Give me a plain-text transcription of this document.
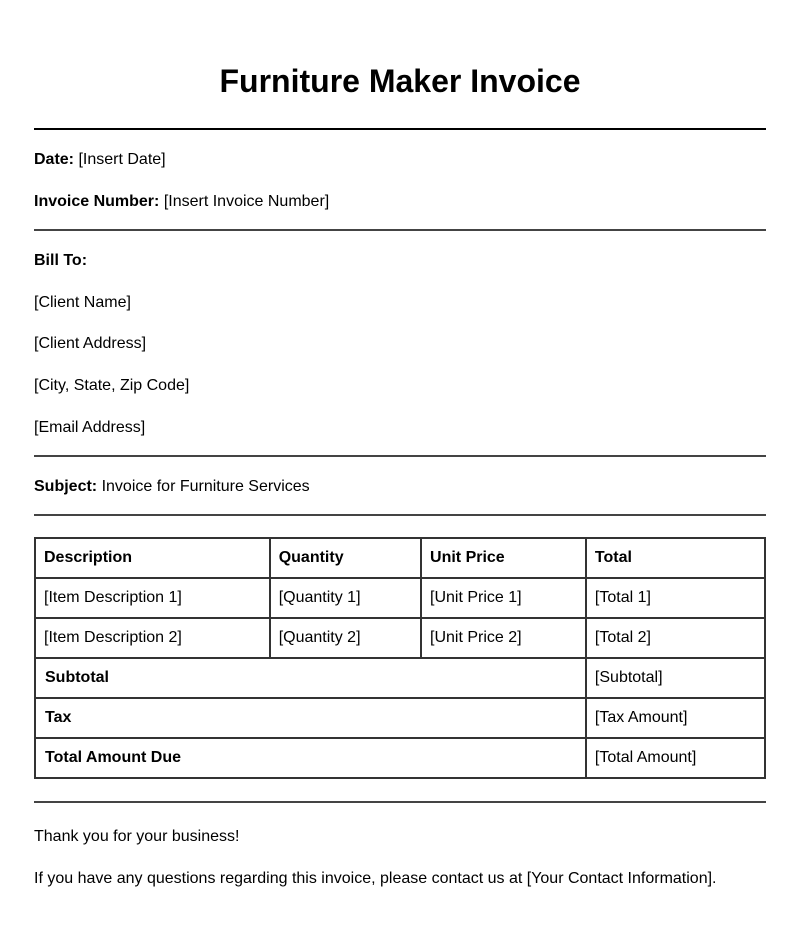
Furniture Maker Invoice
Date: [Insert Date]
Invoice Number: [Insert Invoice Number]
Bill To:
[Client Name]
[Client Address]
[City, State, Zip Code]
[Email Address]
Subject: Invoice for Furniture Services
Description	Quantity	Unit Price	Total
[Item Description 1]	[Quantity 1]	[Unit Price 1]	[Total 1]
[Item Description 2]	[Quantity 2]	[Unit Price 2]	[Total 2]
Subtotal			[Subtotal]
Tax			[Tax Amount]
Total Amount Due			[Total Amount]
Thank you for your business!
If you have any questions regarding this invoice, please contact us at [Your Contact Information].
